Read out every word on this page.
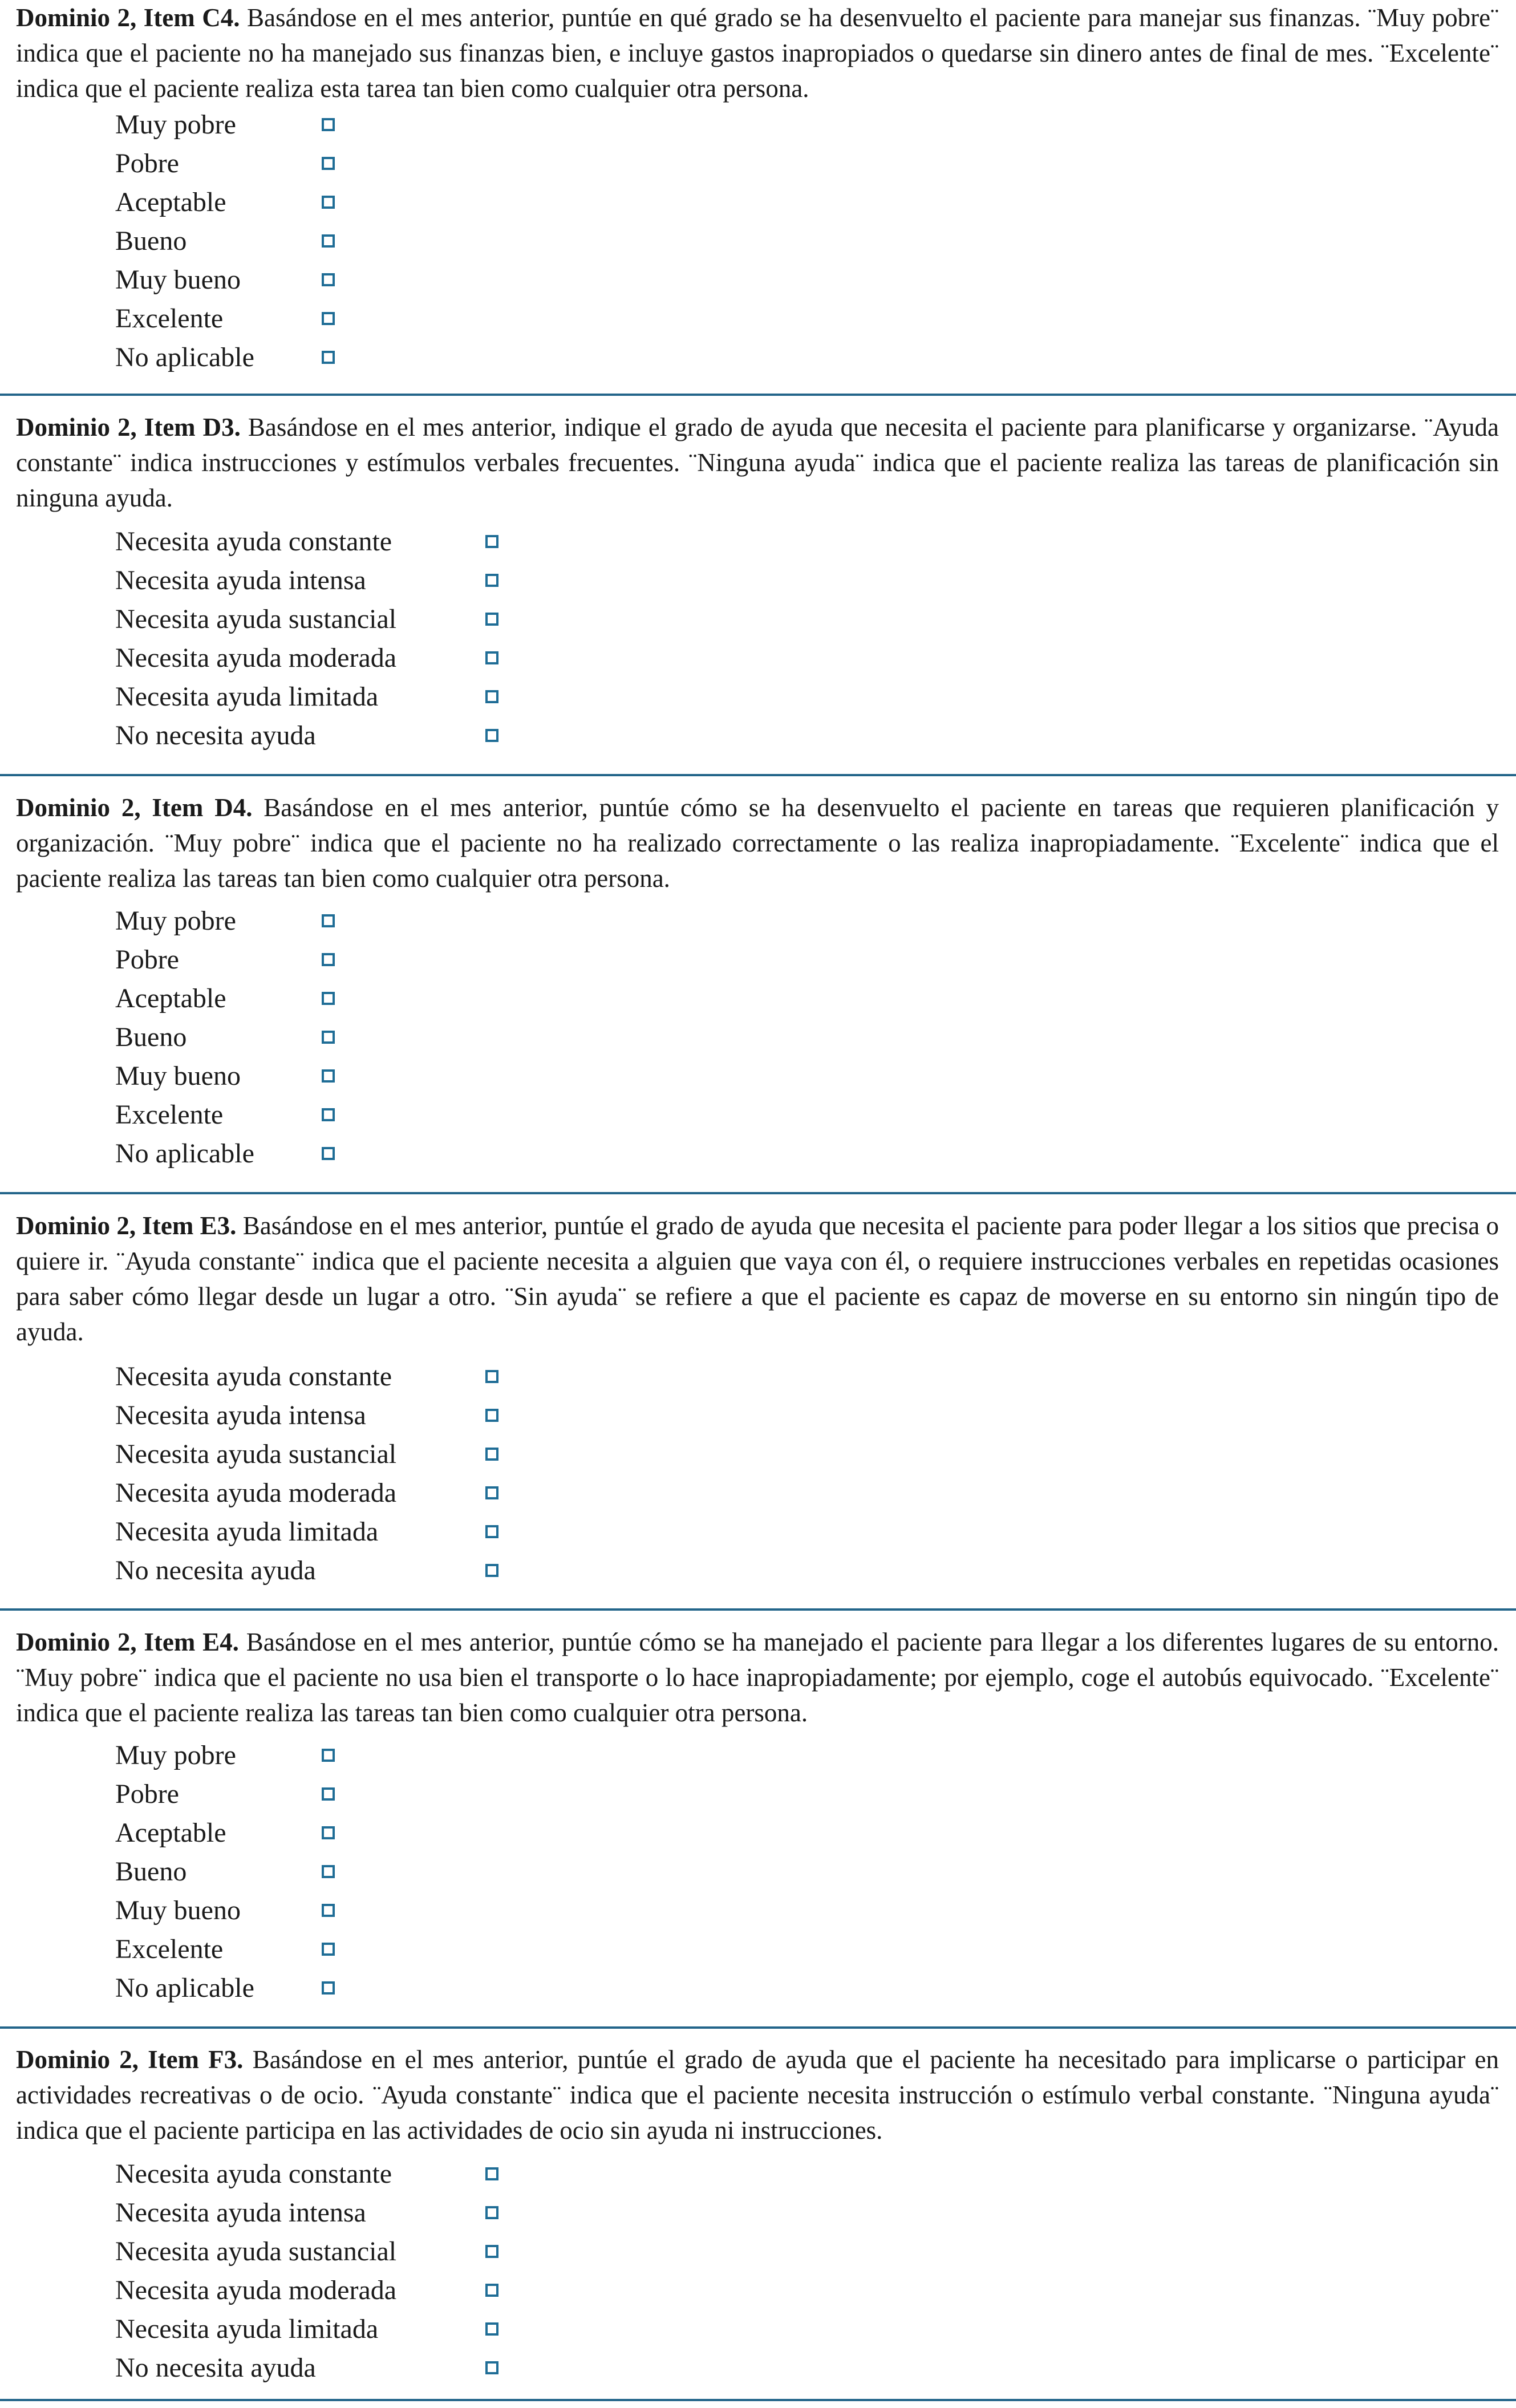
Dominio 2, Item C4. Basándose en el mes anterior, puntúe en qué grado se ha desenvuelto el paciente para manejar sus finanzas. ¨Muy pobre¨ indica que el paciente no ha manejado sus finanzas bien, e incluye gastos inapropiados o quedarse sin dinero antes de final de mes. ¨Excelente¨ indica que el paciente realiza esta tarea tan bien como cualquier otra persona.

Muy pobre
Pobre
Aceptable
Bueno
Muy bueno
Excelente
No aplicable

Dominio 2, Item D3. Basándose en el mes anterior, indique el grado de ayuda que necesita el paciente para planificarse y organizarse. ¨Ayuda constante¨ indica instrucciones y estímulos verbales frecuentes. ¨Ninguna ayuda¨ indica que el paciente realiza las tareas de planificación sin ninguna ayuda.

Necesita ayuda constante
Necesita ayuda intensa
Necesita ayuda sustancial
Necesita ayuda moderada
Necesita ayuda limitada
No necesita ayuda

Dominio 2, Item D4. Basándose en el mes anterior, puntúe cómo se ha desenvuelto el paciente en tareas que requieren planificación y organización. ¨Muy pobre¨ indica que el paciente no ha realizado correctamente o las realiza inapropiadamente. ¨Excelente¨ indica que el paciente realiza las tareas tan bien como cualquier otra persona.

Muy pobre
Pobre
Aceptable
Bueno
Muy bueno
Excelente
No aplicable

Dominio 2, Item E3. Basándose en el mes anterior, puntúe el grado de ayuda que necesita el paciente para poder llegar a los sitios que precisa o quiere ir. ¨Ayuda constante¨ indica que el paciente necesita a alguien que vaya con él, o requiere instrucciones verbales en repetidas ocasiones para saber cómo llegar desde un lugar a otro. ¨Sin ayuda¨ se refiere a que el paciente es capaz de moverse en su entorno sin ningún tipo de ayuda.

Necesita ayuda constante
Necesita ayuda intensa
Necesita ayuda sustancial
Necesita ayuda moderada
Necesita ayuda limitada
No necesita ayuda

Dominio 2, Item E4. Basándose en el mes anterior, puntúe cómo se ha manejado el paciente para llegar a los diferentes lugares de su entorno. ¨Muy pobre¨ indica que el paciente no usa bien el transporte o lo hace inapropiadamente; por ejemplo, coge el autobús equivocado. ¨Excelente¨ indica que el paciente realiza las tareas tan bien como cualquier otra persona.

Muy pobre
Pobre
Aceptable
Bueno
Muy bueno
Excelente
No aplicable

Dominio 2, Item F3. Basándose en el mes anterior, puntúe el grado de ayuda que el paciente ha necesitado para implicarse o participar en actividades recreativas o de ocio. ¨Ayuda constante¨ indica que el paciente necesita instrucción o estímulo verbal constante. ¨Ninguna ayuda¨ indica que el paciente participa en las actividades de ocio sin ayuda ni instrucciones.

Necesita ayuda constante
Necesita ayuda intensa
Necesita ayuda sustancial
Necesita ayuda moderada
Necesita ayuda limitada
No necesita ayuda
